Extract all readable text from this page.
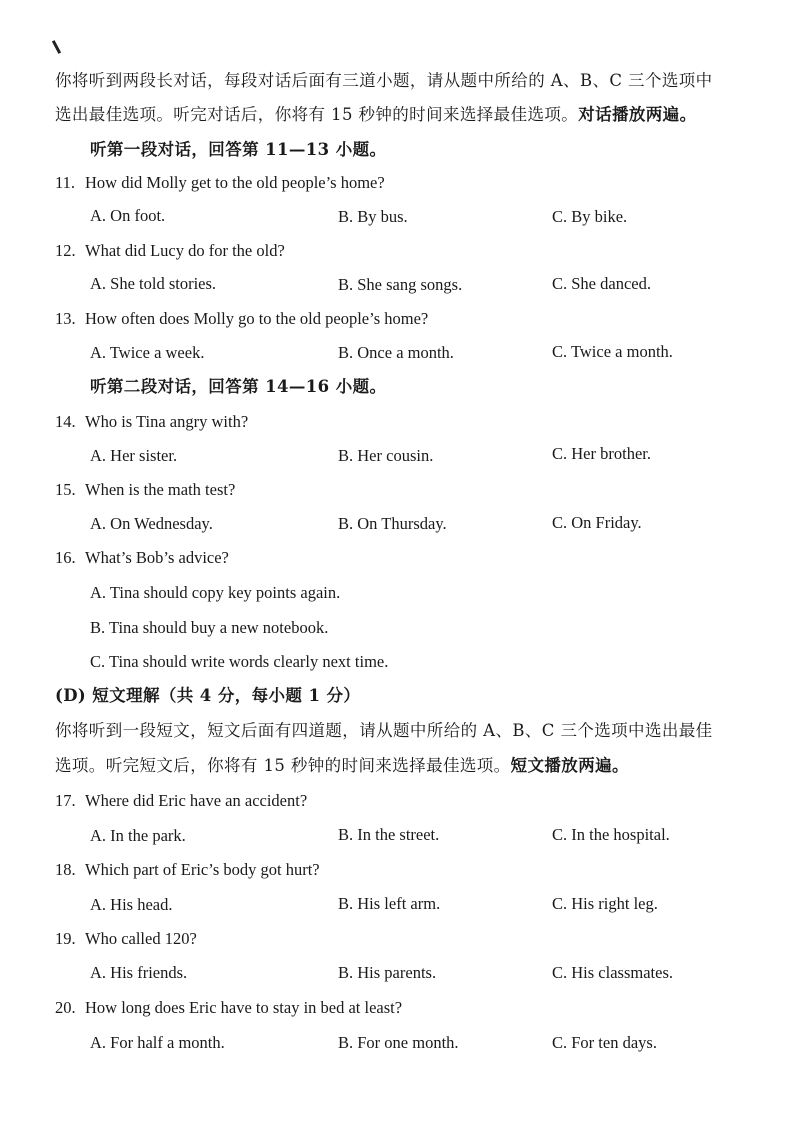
你将听到两段长对话，每段对话后面有三道小题，请从题中所给的 A、B、C 三个选项中
选出最佳选项。听完对话后，你将有 15 秒钟的时间来选择最佳选项。对话播放两遍。
听第一段对话，回答第 11—13 小题。
11. How did Molly get to the old people’s home?
A. On foot.	B. By bus.	C. By bike.
12. What did Lucy do for the old?
A. She told stories.	B. She sang songs.	C. She danced.
13. How often does Molly go to the old people’s home?
A. Twice a week.	B. Once a month.	C. Twice a month.
听第二段对话，回答第 14—16 小题。
14. Who is Tina angry with?
A. Her sister.	B. Her cousin.	C. Her brother.
15. When is the math test?
A. On Wednesday.	B. On Thursday.	C. On Friday.
16. What’s Bob’s advice?
A. Tina should copy key points again.
B. Tina should buy a new notebook.
C. Tina should write words clearly next time.
(D) 短文理解（共 4 分，每小题 1 分）
你将听到一段短文，短文后面有四道题，请从题中所给的 A、B、C 三个选项中选出最佳
选项。听完短文后，你将有 15 秒钟的时间来选择最佳选项。短文播放两遍。
17. Where did Eric have an accident?
A. In the park.	B. In the street.	C. In the hospital.
18. Which part of Eric’s body got hurt?
A. His head.	B. His left arm.	C. His right leg.
19. Who called 120?
A. His friends.	B. His parents.	C. His classmates.
20. How long does Eric have to stay in bed at least?
A. For half a month.	B. For one month.	C. For ten days.
